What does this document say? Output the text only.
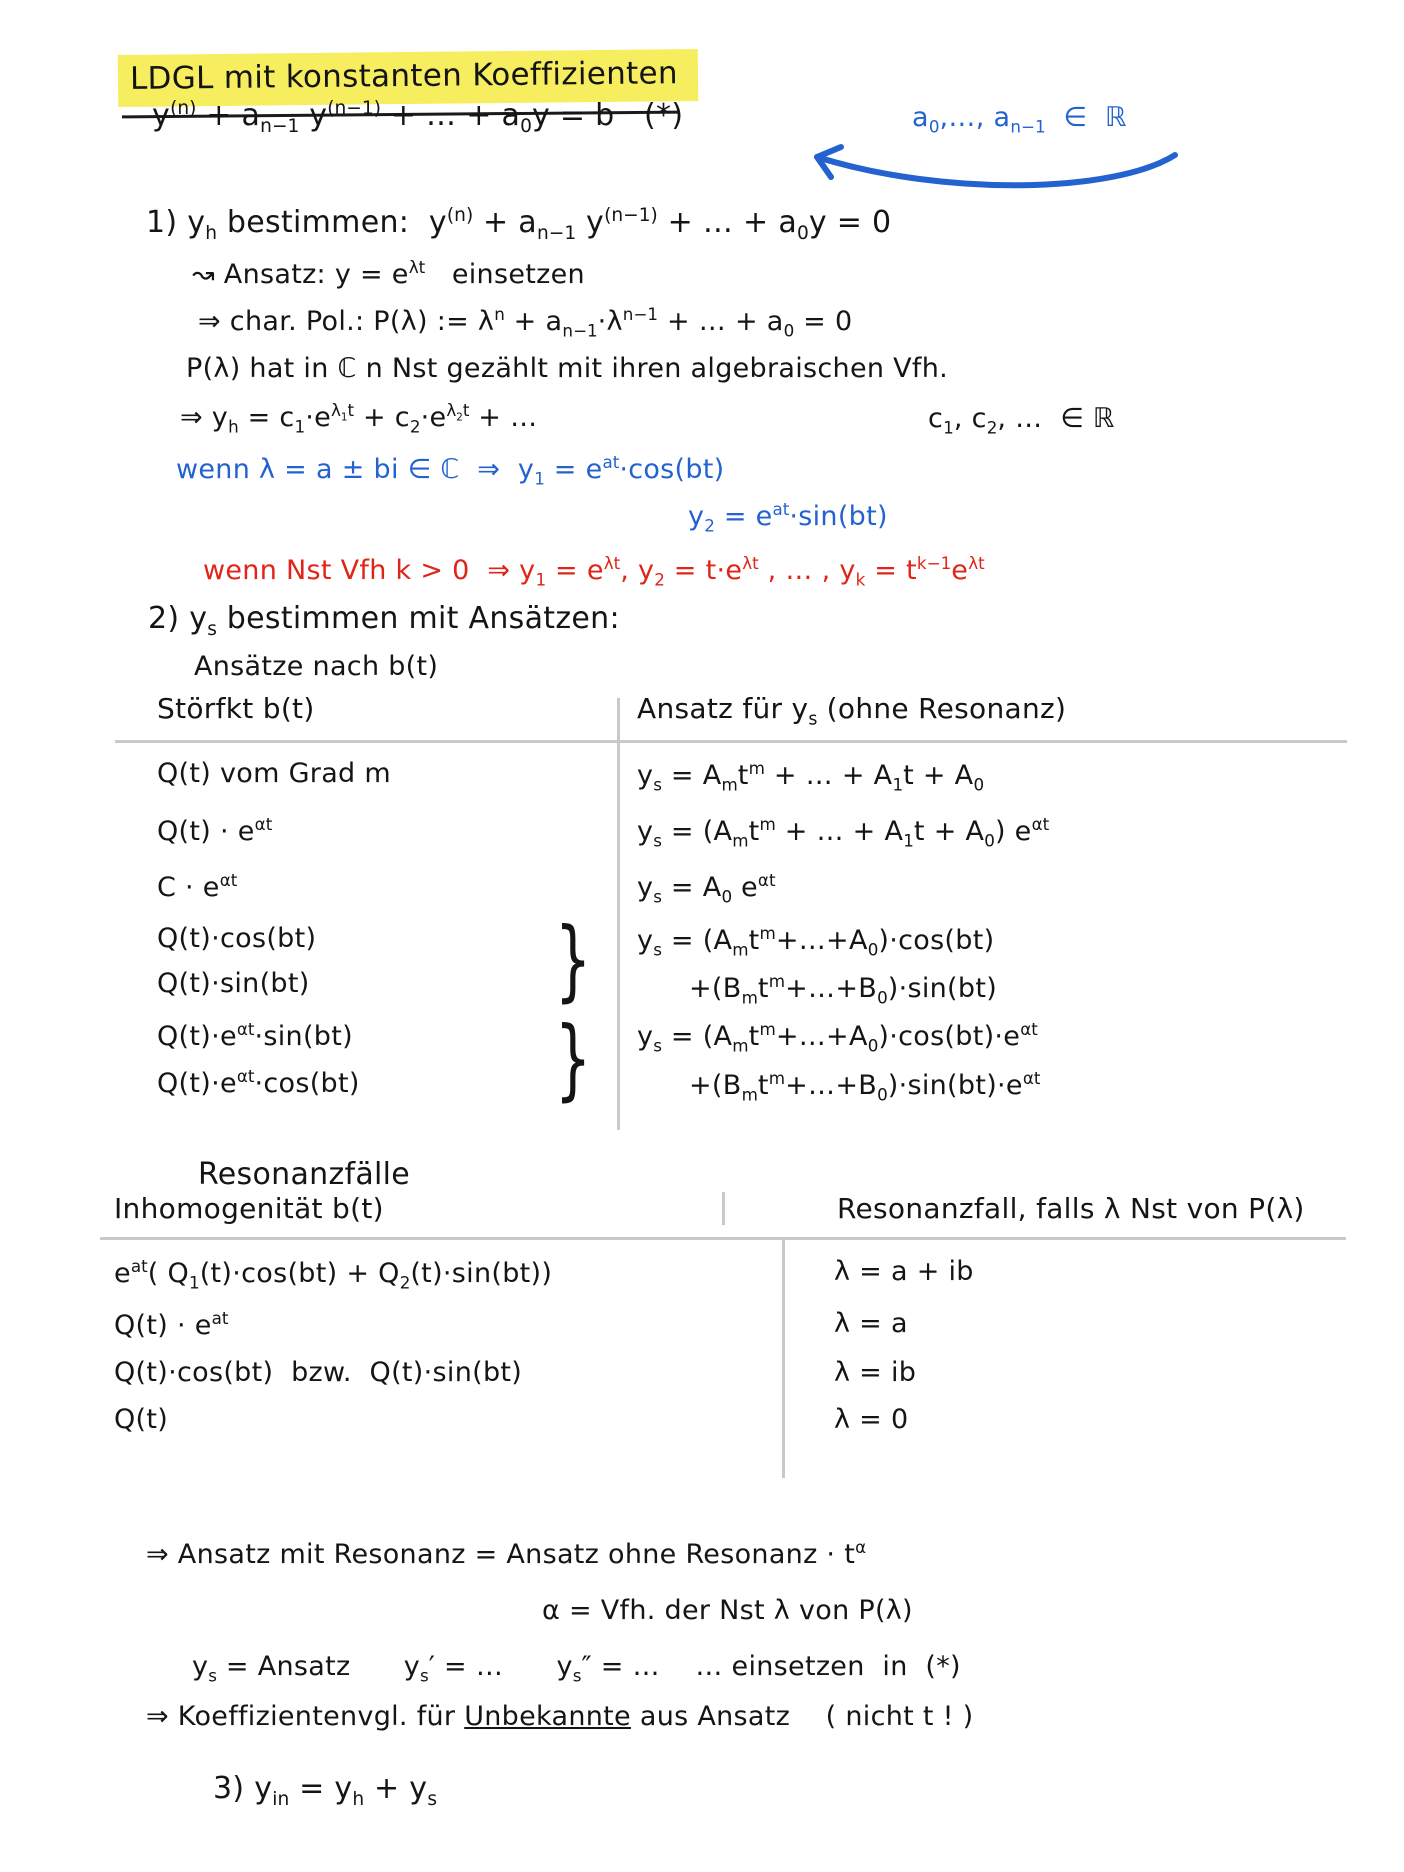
LDGL mit konstanten Koeffizienten
$y^{(n)} + a_{n-1}$ $y^{(n-1)}$ + … + $a_0y = b$   (*)	$a_0,\dots$, $a_{n-1}$  ∈  ℝ
1) $y_h$ bestimmen:  $y^{(n)} + a_{n-1}$ $y^{(n-1)}$ + … + $a_0y = 0$
↝ Ansatz: $y = e^{\lambda t}$   einsetzen
⇒ char. Pol.: P(λ) := $\lambda^n + a_{n-1}\cdot\lambda^{n-1}$ + … + $a_0 = 0$
P(λ) hat in ℂ n Nst gezählt mit ihren algebraischen Vfh.
⇒ $y_h = c_1\cdot e^{\lambda_1t} + c_2\cdot e^{\lambda_2t}$ + …	$c_1$, $c_2$, …  ∈ ℝ
wenn λ = a ± bi ∈ ℂ  ⇒  $y_1 = e^{at}\cdot\cos(bt)$
$y_2 = e^{at}\cdot\sin(bt)$
wenn Nst Vfh k > 0  ⇒ $y_1 = e^{\lambda t}$, $y_2 = t\cdot e^{\lambda t}$ , … , $y_k = t^{k-1}e^{\lambda t}$
2) $y_s$ bestimmen mit Ansätzen:
Ansätze nach b(t)
Störfkt b(t)	Ansatz für $y_s$ (ohne Resonanz)
Q(t) vom Grad m	$y_s = A_mt^m$ + … + $A_1t + A_0$
$Q(t) \cdot e^{\alpha t}$	$y_s = (A_mt^m$ + … + $A_1t + A_0$) $e^{\alpha t}$
$C \cdot e^{\alpha t}$	$y_s = A_0$ $e^{\alpha t}$
Q(t)·cos(bt)
Q(t)·sin(bt)	} $y_s$ = $(A_mt^m+\dots+A_0)\cdot\cos(bt)$
$+(B_mt^m+\dots+B_0)\cdot\sin(bt)$
$Q(t)\cdot e^{\alpha t}\cdot\sin(bt)$
$Q(t)\cdot e^{\alpha t}\cdot\cos(bt)$ } $y_s$ = $(A_mt^m+\dots+A_0)\cdot\cos(bt)\cdot e^{\alpha t}$
$+(B_mt^m+\dots+B_0)\cdot\sin(bt)\cdot e^{\alpha t}$
Resonanzfälle
Inhomogenität b(t)	Resonanzfall, falls λ Nst von P(λ)
$e^{at}$( $Q_1(t)\cdot\cos(bt) + Q_2(t)\cdot\sin(bt)$)	λ = a + ib
$Q(t) \cdot e^{at}$	λ = a
Q(t)·cos(bt)  bzw.  Q(t)·sin(bt)	λ = ib
Q(t)	λ = 0
⇒ Ansatz mit Resonanz = Ansatz ohne Resonanz · $t^\alpha$
α = Vfh. der Nst λ von P(λ)
$y_s$ = Ansatz      $y_s'$ = …      $y_s''$ = …    … einsetzen  in  (*)
⇒ Koeffizientenvgl. für Unbekannte aus Ansatz    ( nicht t ! )
3) $y_{in} = y_h + y_s$
